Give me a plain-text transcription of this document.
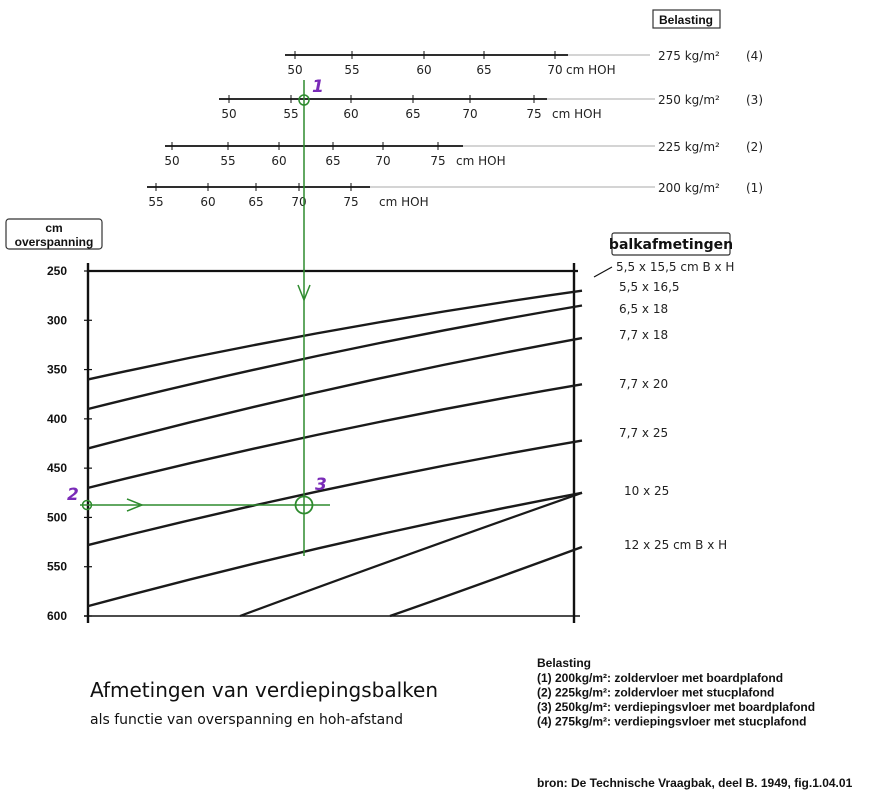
Belasting
50	55	60	65	70 cm HOH
275 kg/m² (4)
50	55	60	65	70	75 cm HOH
250 kg/m² (3)
50	55	60	65	70	75 cm HOH
225 kg/m² (2)
55	60	65 70	75 cm HOH
200 kg/m² (1)
cm
overspanning
250
300
350
400
450
500
550
600
balkafmetingen
5,5 x 15,5 cm B x H
5,5 x 16,5
6,5 x 18
7,7 x 18
7,7 x 20
7,7 x 25
10 x 25
12 x 25 cm B x H
1
2	3
Afmetingen van verdiepingsbalken
als functie van overspanning en hoh-afstand
Belasting
(1) 200kg/m²: zoldervloer met boardplafond
(2) 225kg/m²: zoldervloer met stucplafond
(3) 250kg/m²: verdiepingsvloer met boardplafond
(4) 275kg/m²: verdiepingsvloer met stucplafond
bron: De Technische Vraagbak, deel B. 1949, fig.1.04.01
